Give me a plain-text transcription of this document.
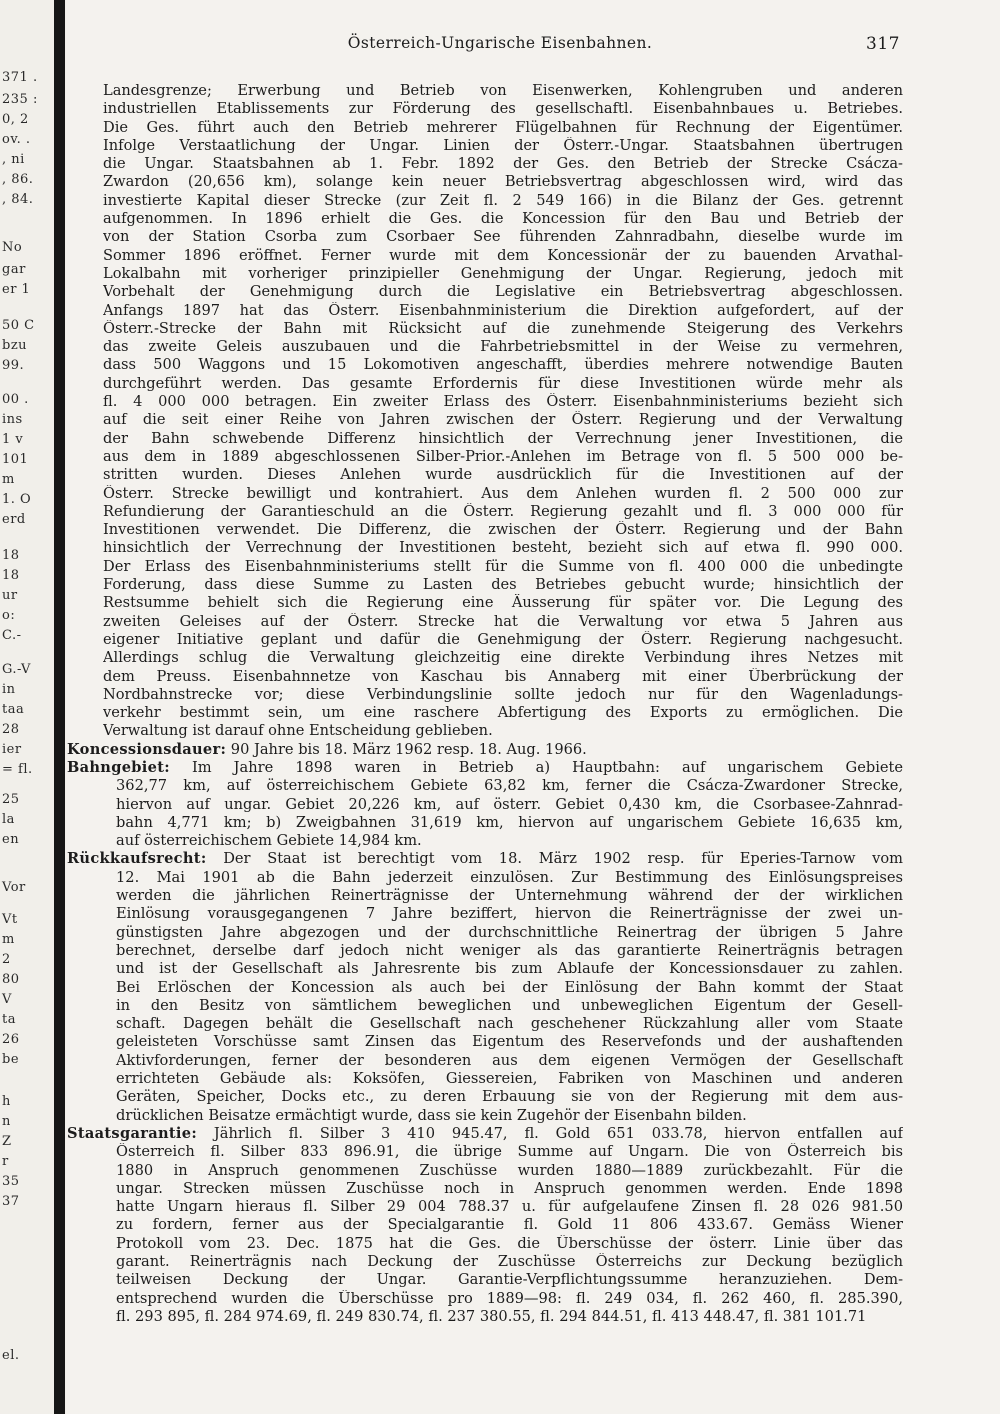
371 .
235 :
0, 2
ov. .
, ni
, 86.
, 84.
No
gar
er 1
50 C
bzu
99.
00 .
ins
1 v
101
m
1. O
erd
18
18
ur
o:
C.-
G.-V
in
taa
28
ier
= fl.
25
la
en
Vor
Vt
m
2
80
V
ta
26
be
h
n
Z
r
35
37
el.
Österreich-Ungarische Eisenbahnen.	317
Landesgrenze; Erwerbung und Betrieb von Eisenwerken, Kohlengruben und anderen
industriellen Etablissements zur Förderung des gesellschaftl. Eisenbahnbaues u. Betriebes.
Die Ges. führt auch den Betrieb mehrerer Flügelbahnen für Rechnung der Eigentümer.
Infolge Verstaatlichung der Ungar. Linien der Österr.-Ungar. Staatsbahnen übertrugen
die Ungar. Staatsbahnen ab 1. Febr. 1892 der Ges. den Betrieb der Strecke Csácza-
Zwardon (20,656 km), solange kein neuer Betriebsvertrag abgeschlossen wird, wird das
investierte Kapital dieser Strecke (zur Zeit fl. 2 549 166) in die Bilanz der Ges. getrennt
aufgenommen. In 1896 erhielt die Ges. die Koncession für den Bau und Betrieb der
von der Station Csorba zum Csorbaer See führenden Zahnradbahn, dieselbe wurde im
Sommer 1896 eröffnet. Ferner wurde mit dem Koncessionär der zu bauenden Arvathal-
Lokalbahn mit vorheriger prinzipieller Genehmigung der Ungar. Regierung, jedoch mit
Vorbehalt der Genehmigung durch die Legislative ein Betriebsvertrag abgeschlossen.
Anfangs 1897 hat das Österr. Eisenbahnministerium die Direktion aufgefordert, auf der
Österr.-Strecke der Bahn mit Rücksicht auf die zunehmende Steigerung des Verkehrs
das zweite Geleis auszubauen und die Fahrbetriebsmittel in der Weise zu vermehren,
dass 500 Waggons und 15 Lokomotiven angeschafft, überdies mehrere notwendige Bauten
durchgeführt werden. Das gesamte Erfordernis für diese Investitionen würde mehr als
fl. 4 000 000 betragen. Ein zweiter Erlass des Österr. Eisenbahnministeriums bezieht sich
auf die seit einer Reihe von Jahren zwischen der Österr. Regierung und der Verwaltung
der Bahn schwebende Differenz hinsichtlich der Verrechnung jener Investitionen, die
aus dem in 1889 abgeschlossenen Silber-Prior.-Anlehen im Betrage von fl. 5 500 000 be-
stritten wurden. Dieses Anlehen wurde ausdrücklich für die Investitionen auf der
Österr. Strecke bewilligt und kontrahiert. Aus dem Anlehen wurden fl. 2 500 000 zur
Refundierung der Garantieschuld an die Österr. Regierung gezahlt und fl. 3 000 000 für
Investitionen verwendet. Die Differenz, die zwischen der Österr. Regierung und der Bahn
hinsichtlich der Verrechnung der Investitionen besteht, bezieht sich auf etwa fl. 990 000.
Der Erlass des Eisenbahnministeriums stellt für die Summe von fl. 400 000 die unbedingte
Forderung, dass diese Summe zu Lasten des Betriebes gebucht wurde; hinsichtlich der
Restsumme behielt sich die Regierung eine Äusserung für später vor. Die Legung des
zweiten Geleises auf der Österr. Strecke hat die Verwaltung vor etwa 5 Jahren aus
eigener Initiative geplant und dafür die Genehmigung der Österr. Regierung nachgesucht.
Allerdings schlug die Verwaltung gleichzeitig eine direkte Verbindung ihres Netzes mit
dem Preuss. Eisenbahnnetze von Kaschau bis Annaberg mit einer Überbrückung der
Nordbahnstrecke vor; diese Verbindungslinie sollte jedoch nur für den Wagenladungs-
verkehr bestimmt sein, um eine raschere Abfertigung des Exports zu ermöglichen. Die
Verwaltung ist darauf ohne Entscheidung geblieben.
Koncessionsdauer: 90 Jahre bis 18. März 1962 resp. 18. Aug. 1966.
Bahngebiet: Im Jahre 1898 waren in Betrieb a) Hauptbahn: auf ungarischem Gebiete
362,77 km, auf österreichischem Gebiete 63,82 km, ferner die Csácza-Zwardoner Strecke,
hiervon auf ungar. Gebiet 20,226 km, auf österr. Gebiet 0,430 km, die Csorbasee-Zahnrad-
bahn 4,771 km; b) Zweigbahnen 31,619 km, hiervon auf ungarischem Gebiete 16,635 km,
auf österreichischem Gebiete 14,984 km.
Rückkaufsrecht: Der Staat ist berechtigt vom 18. März 1902 resp. für Eperies-Tarnow vom
12. Mai 1901 ab die Bahn jederzeit einzulösen. Zur Bestimmung des Einlösungspreises
werden die jährlichen Reinerträgnisse der Unternehmung während der der wirklichen
Einlösung vorausgegangenen 7 Jahre beziffert, hiervon die Reinerträgnisse der zwei un-
günstigsten Jahre abgezogen und der durchschnittliche Reinertrag der übrigen 5 Jahre
berechnet, derselbe darf jedoch nicht weniger als das garantierte Reinerträgnis betragen
und ist der Gesellschaft als Jahresrente bis zum Ablaufe der Koncessionsdauer zu zahlen.
Bei Erlöschen der Koncession als auch bei der Einlösung der Bahn kommt der Staat
in den Besitz von sämtlichem beweglichen und unbeweglichen Eigentum der Gesell-
schaft. Dagegen behält die Gesellschaft nach geschehener Rückzahlung aller vom Staate
geleisteten Vorschüsse samt Zinsen das Eigentum des Reservefonds und der aushaftenden
Aktivforderungen, ferner der besonderen aus dem eigenen Vermögen der Gesellschaft
errichteten Gebäude als: Koksöfen, Giessereien, Fabriken von Maschinen und anderen
Geräten, Speicher, Docks etc., zu deren Erbauung sie von der Regierung mit dem aus-
drücklichen Beisatze ermächtigt wurde, dass sie kein Zugehör der Eisenbahn bilden.
Staatsgarantie: Jährlich fl. Silber 3 410 945.47, fl. Gold 651 033.78, hiervon entfallen auf
Österreich fl. Silber 833 896.91, die übrige Summe auf Ungarn. Die von Österreich bis
1880 in Anspruch genommenen Zuschüsse wurden 1880—1889 zurückbezahlt. Für die
ungar. Strecken müssen Zuschüsse noch in Anspruch genommen werden. Ende 1898
hatte Ungarn hieraus fl. Silber 29 004 788.37 u. für aufgelaufene Zinsen fl. 28 026 981.50
zu fordern, ferner aus der Specialgarantie fl. Gold 11 806 433.67. Gemäss Wiener
Protokoll vom 23. Dec. 1875 hat die Ges. die Überschüsse der österr. Linie über das
garant. Reinerträgnis nach Deckung der Zuschüsse Österreichs zur Deckung bezüglich
teilweisen Deckung der Ungar. Garantie-Verpflichtungssumme heranzuziehen. Dem-
entsprechend wurden die Überschüsse pro 1889—98: fl. 249 034, fl. 262 460, fl. 285.390,
fl. 293 895, fl. 284 974.69, fl. 249 830.74, fl. 237 380.55, fl. 294 844.51, fl. 413 448.47, fl. 381 101.71
